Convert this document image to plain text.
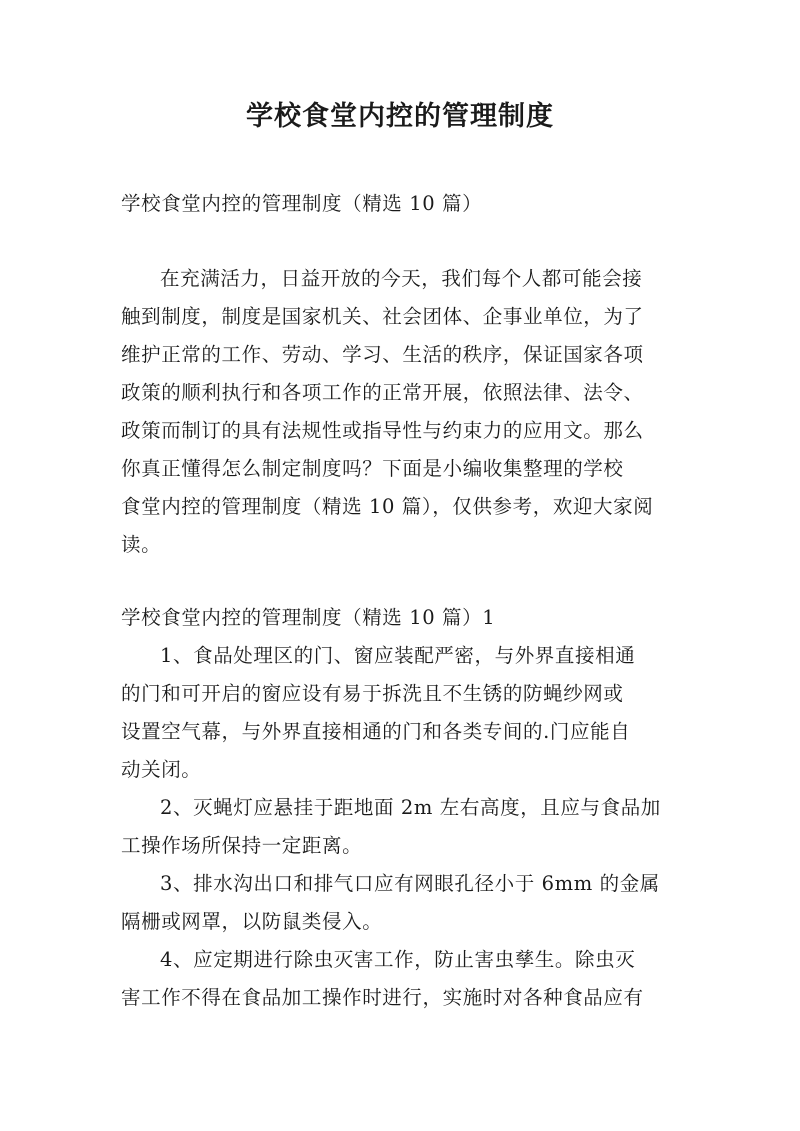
学校食堂内控的管理制度
学校食堂内控的管理制度（精选 10 篇）
在充满活力，日益开放的今天，我们每个人都可能会接
触到制度，制度是国家机关、社会团体、企事业单位，为了
维护正常的工作、劳动、学习、生活的秩序，保证国家各项
政策的顺利执行和各项工作的正常开展，依照法律、法令、
政策而制订的具有法规性或指导性与约束力的应用文。那么
你真正懂得怎么制定制度吗？下面是小编收集整理的学校
食堂内控的管理制度（精选 10 篇），仅供参考，欢迎大家阅
读。
学校食堂内控的管理制度（精选 10 篇）1
1、食品处理区的门、窗应装配严密，与外界直接相通
的门和可开启的窗应设有易于拆洗且不生锈的防蝇纱网或
设置空气幕，与外界直接相通的门和各类专间的.门应能自
动关闭。
2、灭蝇灯应悬挂于距地面 2m 左右高度，且应与食品加
工操作场所保持一定距离。
3、排水沟出口和排气口应有网眼孔径小于 6mm 的金属
隔栅或网罩，以防鼠类侵入。
4、应定期进行除虫灭害工作，防止害虫孳生。除虫灭
害工作不得在食品加工操作时进行，实施时对各种食品应有
